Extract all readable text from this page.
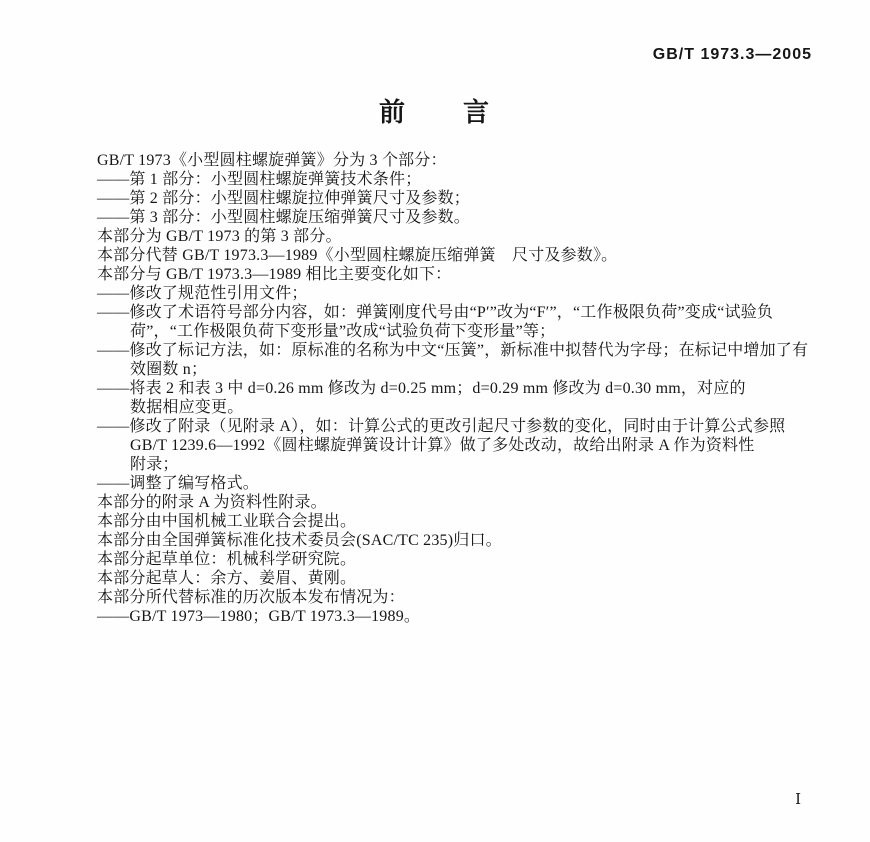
GB/T 1973.3—2005
前　　言
GB/T 1973《小型圆柱螺旋弹簧》分为 3 个部分：
——第 1 部分：小型圆柱螺旋弹簧技术条件；
——第 2 部分：小型圆柱螺旋拉伸弹簧尺寸及参数；
——第 3 部分：小型圆柱螺旋压缩弹簧尺寸及参数。
本部分为 GB/T 1973 的第 3 部分。
本部分代替 GB/T 1973.3—1989《小型圆柱螺旋压缩弹簧　尺寸及参数》。
本部分与 GB/T 1973.3—1989 相比主要变化如下：
——修改了规范性引用文件；
——修改了术语符号部分内容，如：弹簧刚度代号由“P′”改为“F′”，“工作极限负荷”变成“试验负
荷”，“工作极限负荷下变形量”改成“试验负荷下变形量”等；
——修改了标记方法，如：原标准的名称为中文“压簧”，新标准中拟替代为字母；在标记中增加了有
效圈数 n；
——将表 2 和表 3 中 d=0.26 mm 修改为 d=0.25 mm；d=0.29 mm 修改为 d=0.30 mm，对应的
数据相应变更。
——修改了附录（见附录 A），如：计算公式的更改引起尺寸参数的变化，同时由于计算公式参照
GB/T 1239.6—1992《圆柱螺旋弹簧设计计算》做了多处改动，故给出附录 A 作为资料性
附录；
——调整了编写格式。
本部分的附录 A 为资料性附录。
本部分由中国机械工业联合会提出。
本部分由全国弹簧标准化技术委员会(SAC/TC 235)归口。
本部分起草单位：机械科学研究院。
本部分起草人：余方、姜眉、黄刚。
本部分所代替标准的历次版本发布情况为：
——GB/T 1973—1980；GB/T 1973.3—1989。
Ⅰ
